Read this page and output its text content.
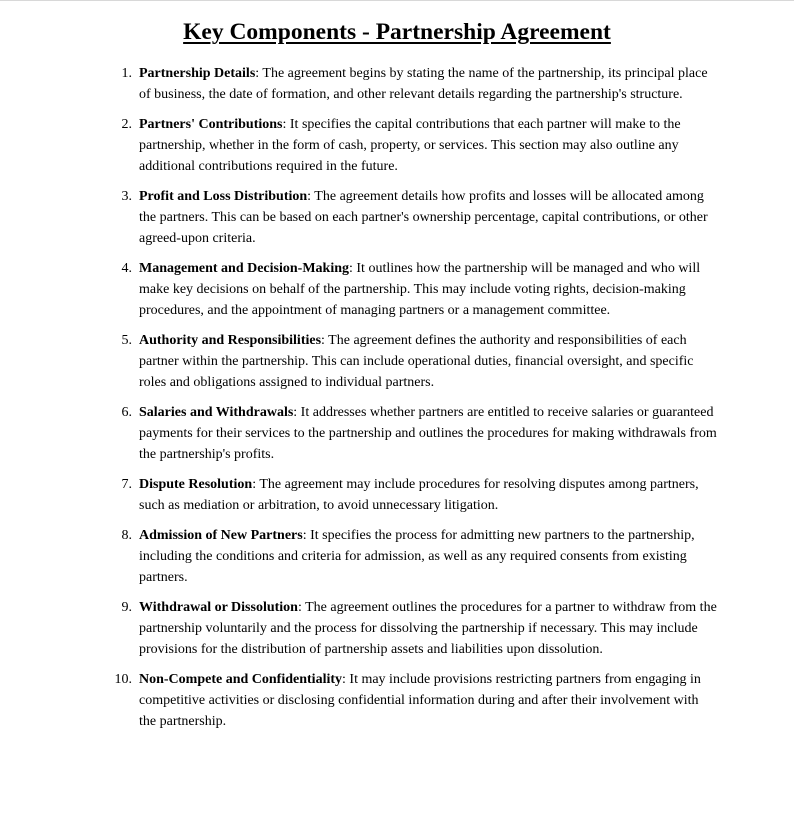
Key Components - Partnership Agreement
1. Partnership Details: The agreement begins by stating the name of the partnership, its principal place of business, the date of formation, and other relevant details regarding the partnership's structure.
2. Partners' Contributions: It specifies the capital contributions that each partner will make to the partnership, whether in the form of cash, property, or services. This section may also outline any additional contributions required in the future.
3. Profit and Loss Distribution: The agreement details how profits and losses will be allocated among the partners. This can be based on each partner's ownership percentage, capital contributions, or other agreed-upon criteria.
4. Management and Decision-Making: It outlines how the partnership will be managed and who will make key decisions on behalf of the partnership. This may include voting rights, decision-making procedures, and the appointment of managing partners or a management committee.
5. Authority and Responsibilities: The agreement defines the authority and responsibilities of each partner within the partnership. This can include operational duties, financial oversight, and specific roles and obligations assigned to individual partners.
6. Salaries and Withdrawals: It addresses whether partners are entitled to receive salaries or guaranteed payments for their services to the partnership and outlines the procedures for making withdrawals from the partnership's profits.
7. Dispute Resolution: The agreement may include procedures for resolving disputes among partners, such as mediation or arbitration, to avoid unnecessary litigation.
8. Admission of New Partners: It specifies the process for admitting new partners to the partnership, including the conditions and criteria for admission, as well as any required consents from existing partners.
9. Withdrawal or Dissolution: The agreement outlines the procedures for a partner to withdraw from the partnership voluntarily and the process for dissolving the partnership if necessary. This may include provisions for the distribution of partnership assets and liabilities upon dissolution.
10. Non-Compete and Confidentiality: It may include provisions restricting partners from engaging in competitive activities or disclosing confidential information during and after their involvement with the partnership.
